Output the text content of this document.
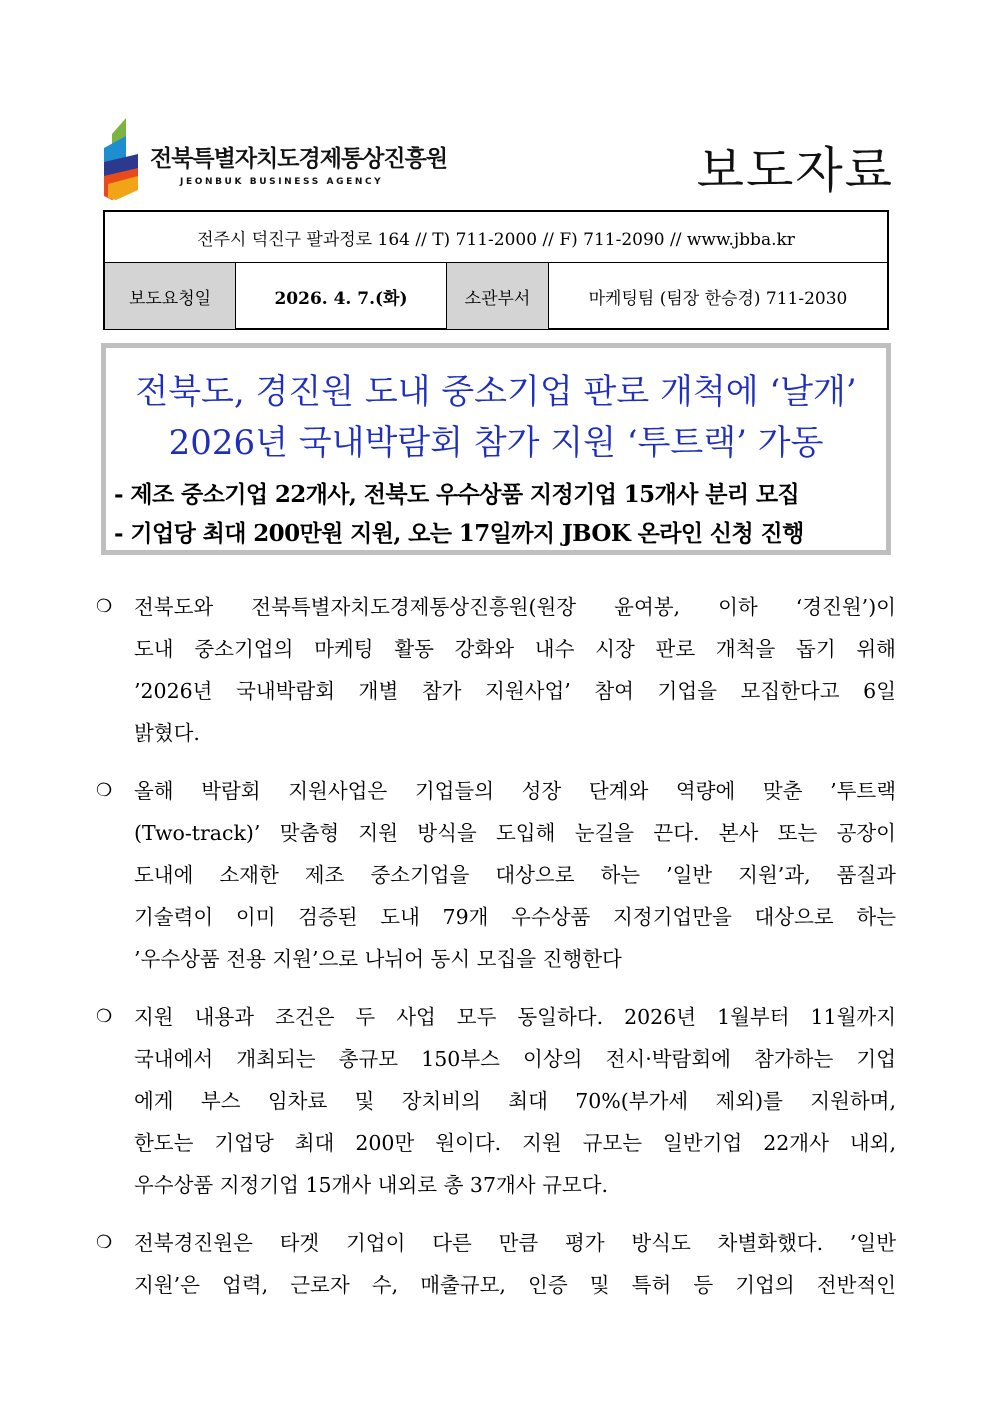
전북특별자치도경제통상진흥원
JEONBUK BUSINESS AGENCY	보도자료
전주시 덕진구 팔과정로 164 // T) 711-2000 // F) 711-2090 // www.jbba.kr
보도요청일	2026. 4. 7.(화)	소관부서	마케팅팀 (팀장 한승경) 711-2030
전북도, 경진원 도내 중소기업 판로 개척에 ‘날개’
2026년 국내박람회 참가 지원 ‘투트랙’ 가동
- 제조 중소기업 22개사, 전북도 우수상품 지정기업 15개사 분리 모집
- 기업당 최대 200만원 지원, 오는 17일까지 JBOK 온라인 신청 진행
❍ 전북도와 전북특별자치도경제통상진흥원(원장 윤여봉, 이하 ‘경진원’)이
도내 중소기업의 마케팅 활동 강화와 내수 시장 판로 개척을 돕기 위해
’2026년 국내박람회 개별 참가 지원사업’ 참여 기업을 모집한다고 6일
밝혔다.
❍ 올해 박람회 지원사업은 기업들의 성장 단계와 역량에 맞춘 ’투트랙
(Two-track)’ 맞춤형 지원 방식을 도입해 눈길을 끈다. 본사 또는 공장이
도내에 소재한 제조 중소기업을 대상으로 하는 ’일반 지원’과, 품질과
기술력이 이미 검증된 도내 79개 우수상품 지정기업만을 대상으로 하는
’우수상품 전용 지원’으로 나뉘어 동시 모집을 진행한다
❍ 지원 내용과 조건은 두 사업 모두 동일하다. 2026년 1월부터 11월까지
국내에서 개최되는 총규모 150부스 이상의 전시·박람회에 참가하는 기업
에게 부스 임차료 및 장치비의 최대 70%(부가세 제외)를 지원하며,
한도는 기업당 최대 200만 원이다. 지원 규모는 일반기업 22개사 내외,
우수상품 지정기업 15개사 내외로 총 37개사 규모다.
❍ 전북경진원은 타겟 기업이 다른 만큼 평가 방식도 차별화했다. ’일반
지원’은 업력, 근로자 수, 매출규모, 인증 및 특허 등 기업의 전반적인
